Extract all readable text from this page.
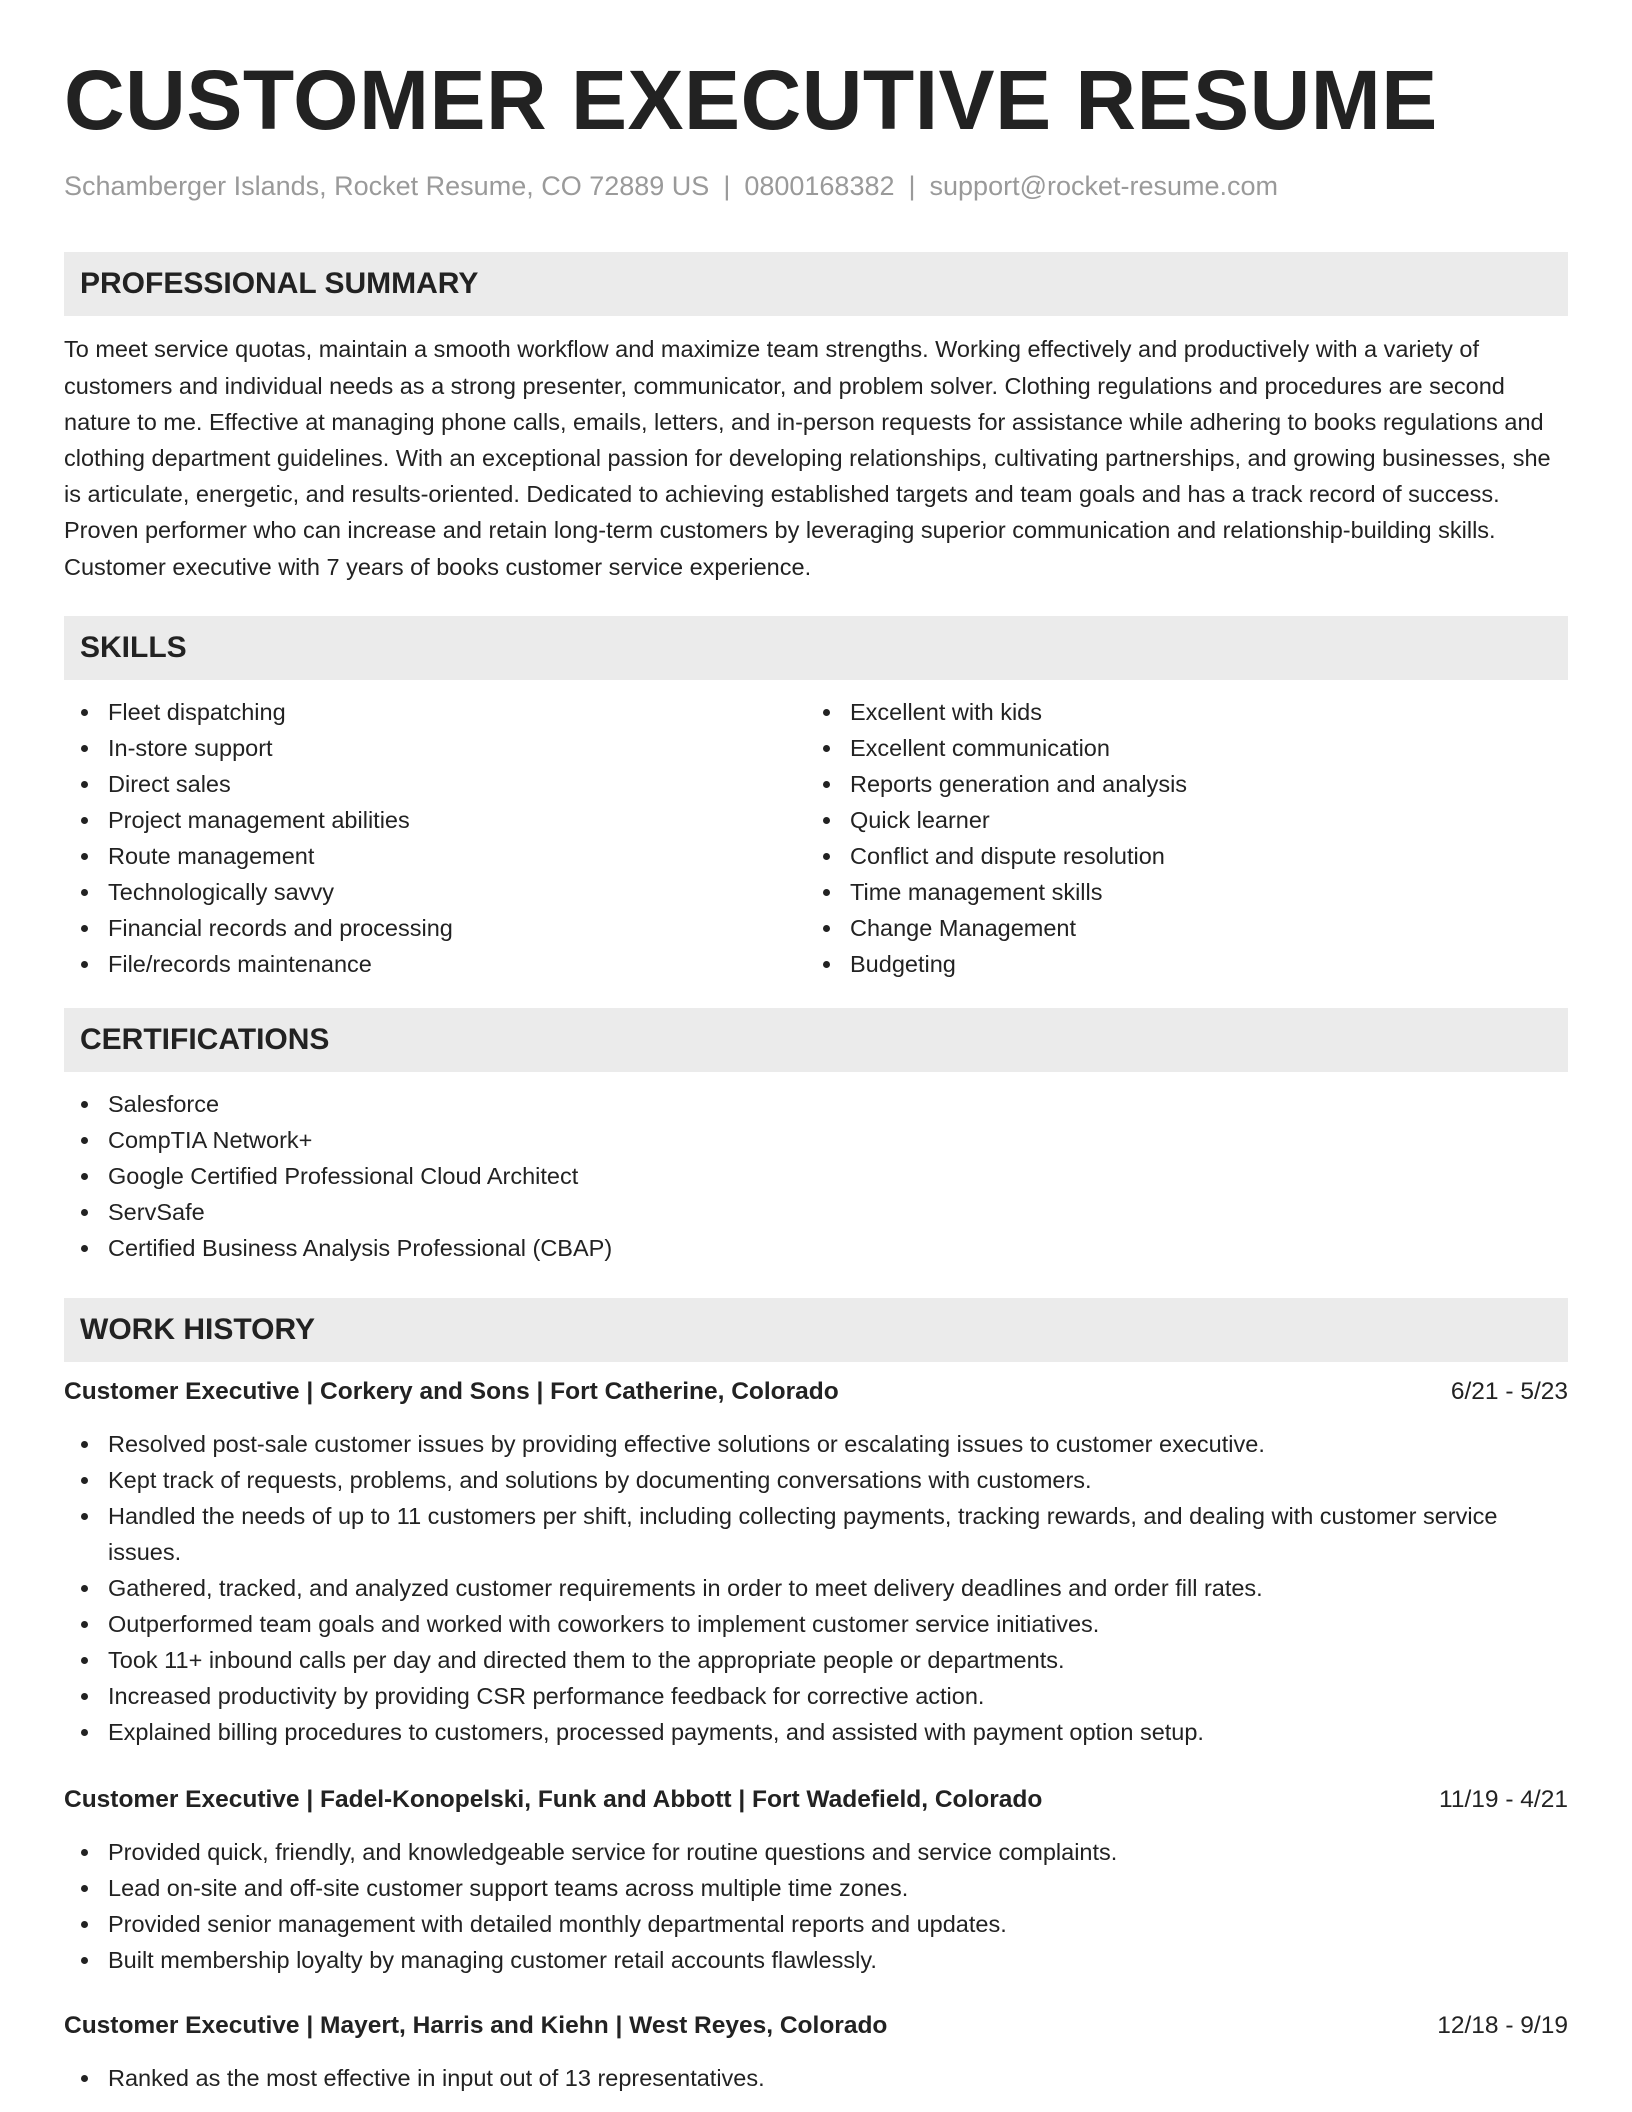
CUSTOMER EXECUTIVE RESUME
Schamberger Islands, Rocket Resume, CO 72889 US | 0800168382 | support@rocket-resume.com
PROFESSIONAL SUMMARY

To meet service quotas, maintain a smooth workflow and maximize team strengths. Working effectively and productively with a variety of customers and individual needs as a strong presenter, communicator, and problem solver. Clothing regulations and procedures are second nature to me. Effective at managing phone calls, emails, letters, and in-person requests for assistance while adhering to books regulations and clothing department guidelines. With an exceptional passion for developing relationships, cultivating partnerships, and growing businesses, she is articulate, energetic, and results-oriented. Dedicated to achieving established targets and team goals and has a track record of success. Proven performer who can increase and retain long-term customers by leveraging superior communication and relationship-building skills. Customer executive with 7 years of books customer service experience.

SKILLS
Fleet dispatching
In-store support
Direct sales
Project management abilities
Route management
Technologically savvy
Financial records and processing
File/records maintenance
Excellent with kids
Excellent communication
Reports generation and analysis
Quick learner
Conflict and dispute resolution
Time management skills
Change Management
Budgeting
CERTIFICATIONS
Salesforce
CompTIA Network+
Google Certified Professional Cloud Architect
ServSafe
Certified Business Analysis Professional (CBAP)
WORK HISTORY
Customer Executive | Corkery and Sons | Fort Catherine, Colorado	6/21 - 5/23
Resolved post-sale customer issues by providing effective solutions or escalating issues to customer executive.
Kept track of requests, problems, and solutions by documenting conversations with customers.
Handled the needs of up to 11 customers per shift, including collecting payments, tracking rewards, and dealing with customer service issues.
Gathered, tracked, and analyzed customer requirements in order to meet delivery deadlines and order fill rates.
Outperformed team goals and worked with coworkers to implement customer service initiatives.
Took 11+ inbound calls per day and directed them to the appropriate people or departments.
Increased productivity by providing CSR performance feedback for corrective action.
Explained billing procedures to customers, processed payments, and assisted with payment option setup.
Customer Executive | Fadel-Konopelski, Funk and Abbott | Fort Wadefield, Colorado	11/19 - 4/21
Provided quick, friendly, and knowledgeable service for routine questions and service complaints.
Lead on-site and off-site customer support teams across multiple time zones.
Provided senior management with detailed monthly departmental reports and updates.
Built membership loyalty by managing customer retail accounts flawlessly.
Customer Executive | Mayert, Harris and Kiehn | West Reyes, Colorado	12/18 - 9/19
Ranked as the most effective in input out of 13 representatives.
